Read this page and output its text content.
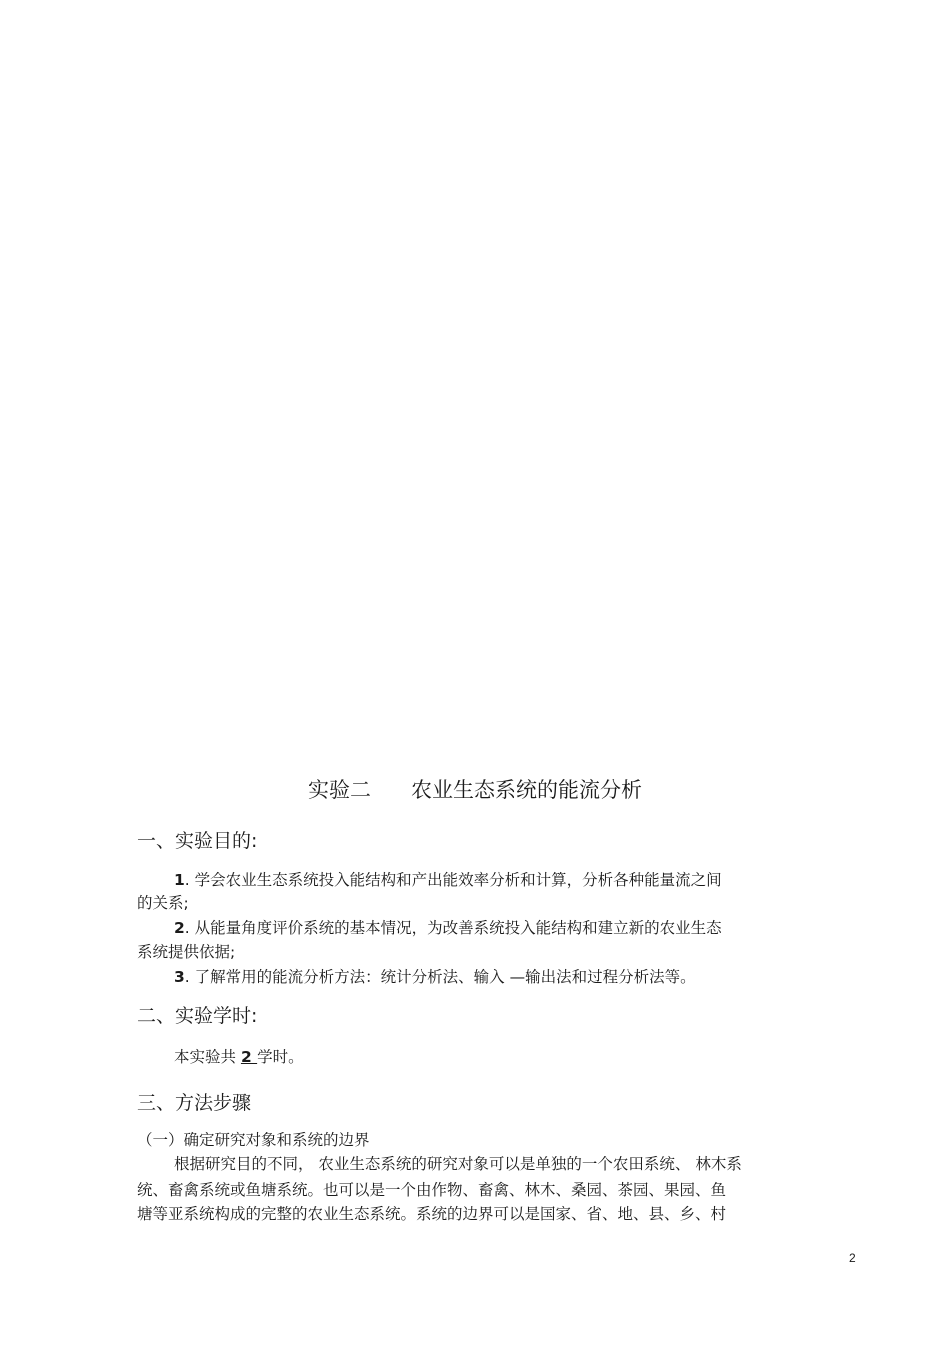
实验二      农业生态系统的能流分析
一、实验目的:

1. 学会农业生态系统投入能结构和产出能效率分析和计算，分析各种能量流之间

的关系;

2. 从能量角度评价系统的基本情况，为改善系统投入能结构和建立新的农业生态

系统提供依据;

3. 了解常用的能流分析方法：统计分析法、输入 —输出法和过程分析法等。

二、实验学时:

本实验共 2 学时。

三、方法步骤

（一）确定研究对象和系统的边界

根据研究目的不同， 农业生态系统的研究对象可以是单独的一个农田系统、 林木系

统、畜禽系统或鱼塘系统。也可以是一个由作物、畜禽、林木、桑园、茶园、果园、鱼

塘等亚系统构成的完整的农业生态系统。系统的边界可以是国家、省、地、县、乡、村

2
